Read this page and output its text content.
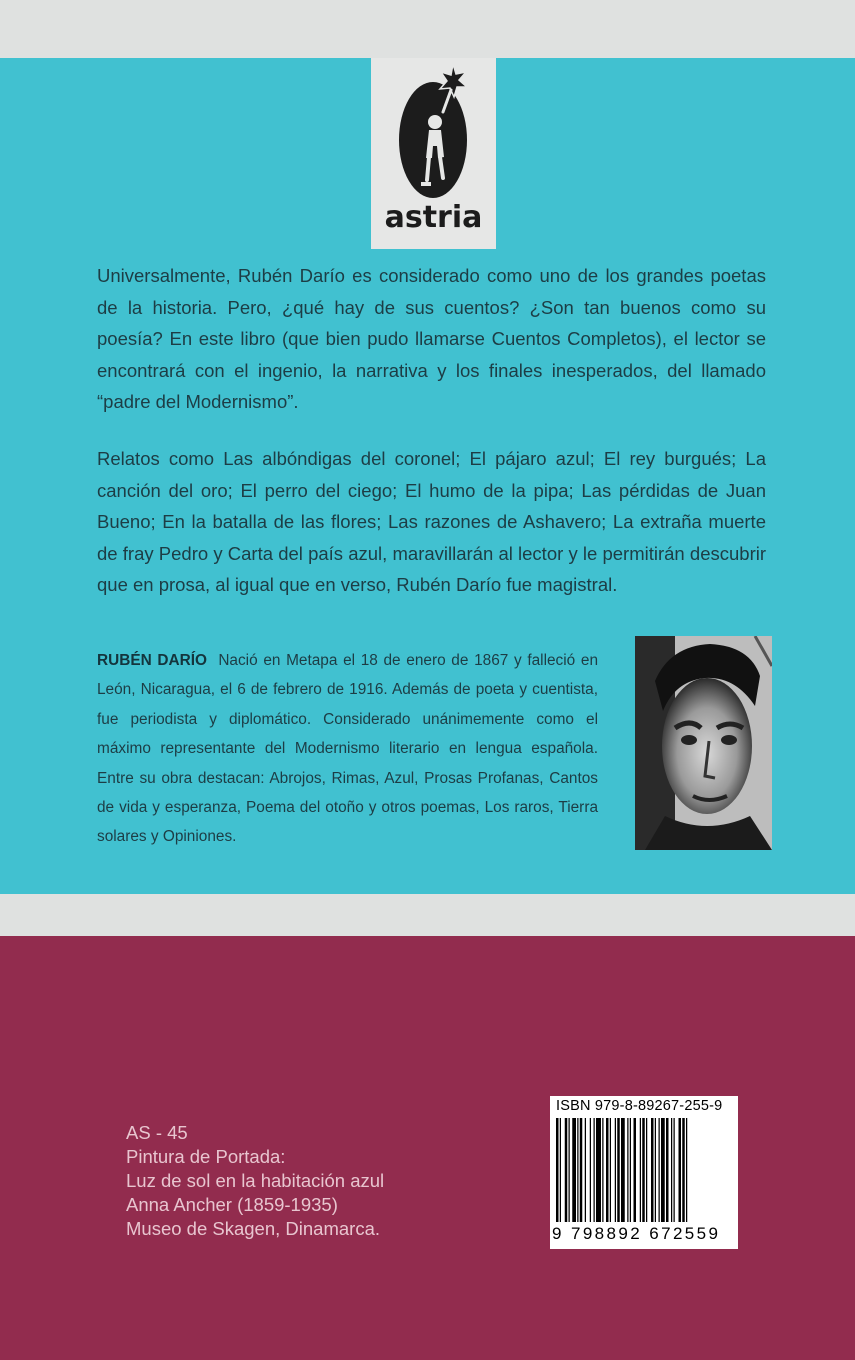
astria

Universalmente, Rubén Darío es considerado como uno de los grandes poetas de la historia. Pero, ¿qué hay de sus cuentos? ¿Son tan buenos como su poesía? En este libro (que bien pudo llamarse Cuentos Completos), el lector se encontrará con el ingenio, la narrativa y los finales inesperados, del llamado “padre del Modernismo”.

Relatos como Las albóndigas del coronel; El pájaro azul; El rey burgués; La canción del oro; El perro del ciego; El humo de la pipa; Las pérdidas de Juan Bueno; En la batalla de las flores; Las razones de Ashavero; La extraña muerte de fray Pedro y Carta del país azul, maravillarán al lector y le permitirán descubrir que en prosa, al igual que en verso, Rubén Darío fue magistral.

RUBÉN DARÍO Nació en Metapa el 18 de enero de 1867 y falleció en León, Nicaragua, el 6 de febrero de 1916. Además de poeta y cuentista, fue periodista y diplomático. Considerado unánimemente como el máximo representante del Modernismo literario en lengua española. Entre su obra destacan: Abrojos, Rimas, Azul, Prosas Profanas, Cantos de vida y esperanza, Poema del otoño y otros poemas, Los raros, Tierra solares y Opiniones.

AS - 45
Pintura de Portada:
Luz de sol en la habitación azul
Anna Ancher (1859-1935)
Museo de Skagen, Dinamarca.
ISBN 979-8-89267-255-9
9 798892 672559
